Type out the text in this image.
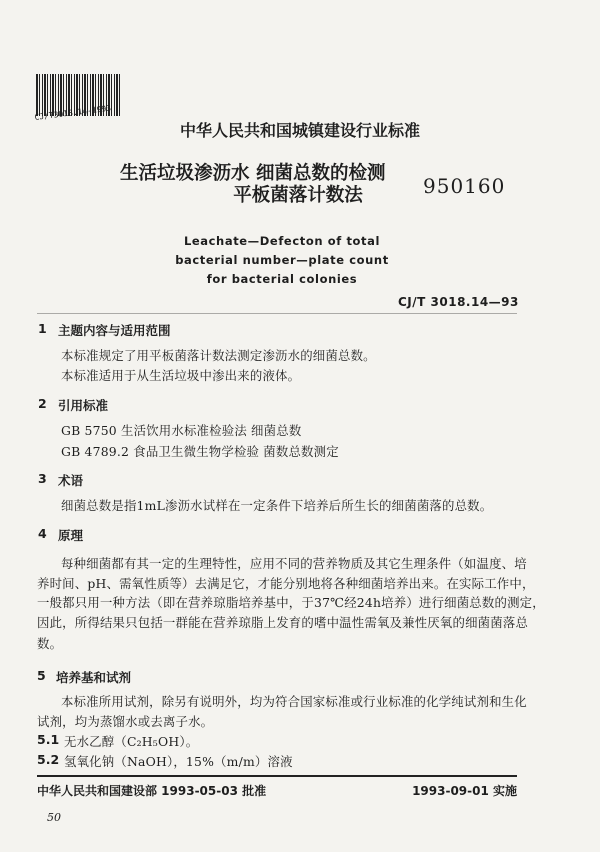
CJ/T3018.14-1993
中华人民共和国城镇建设行业标准
生活垃圾渗沥水 细菌总数的检测
平板菌落计数法	950160
Leachate—Defecton of total
bacterial number—plate count
for bacterial colonies
CJ/T 3018.14—93
1 主题内容与适用范围
本标准规定了用平板菌落计数法测定渗沥水的细菌总数。
本标准适用于从生活垃圾中渗出来的液体。
2 引用标准
GB 5750 生活饮用水标准检验法 细菌总数
GB 4789.2 食品卫生微生物学检验 菌数总数测定
3 术语
细菌总数是指1mL渗沥水试样在一定条件下培养后所生长的细菌菌落的总数。
4 原理
每种细菌都有其一定的生理特性，应用不同的营养物质及其它生理条件（如温度、培
养时间、pH、需氧性质等）去满足它，才能分别地将各种细菌培养出来。在实际工作中，
一般都只用一种方法（即在营养琼脂培养基中，于37℃经24h培养）进行细菌总数的测定，
因此，所得结果只包括一群能在营养琼脂上发育的嗜中温性需氧及兼性厌氧的细菌菌落总
数。
5 培养基和试剂
本标准所用试剂，除另有说明外，均为符合国家标准或行业标准的化学纯试剂和生化
试剂，均为蒸馏水或去离子水。
5.1 无水乙醇（C₂H₅OH）。
5.2 氢氧化钠（NaOH），15%（m/m）溶液
中华人民共和国建设部 1993-05-03 批准	1993-09-01 实施
50
